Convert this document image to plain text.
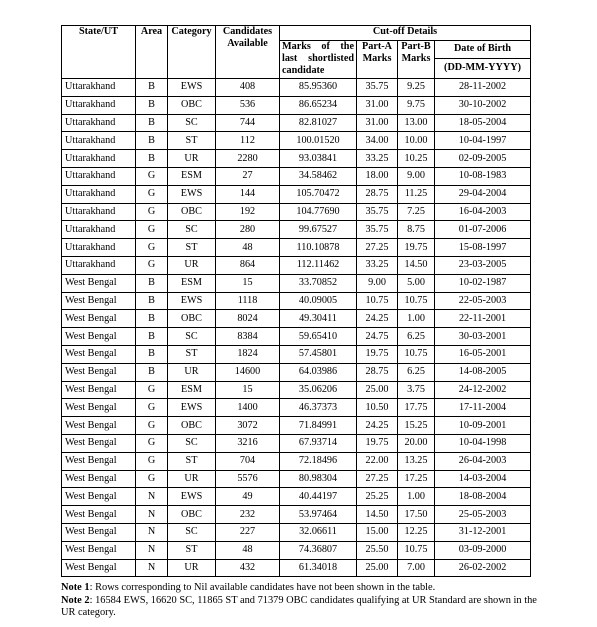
State/UT	Area	Category	Candidates Available	Cut-off Details			
				Marks of the last shortlisted candidate	Part-A Marks	Part-B Marks	Date of Birth
(DD-MM-YYYY)

Uttarakhand	B	EWS	408	85.95360	35.75	9.25	28-11-2002
Uttarakhand	B	OBC	536	86.65234	31.00	9.75	30-10-2002
Uttarakhand	B	SC	744	82.81027	31.00	13.00	18-05-2004
Uttarakhand	B	ST	112	100.01520	34.00	10.00	10-04-1997
Uttarakhand	B	UR	2280	93.03841	33.25	10.25	02-09-2005
Uttarakhand	G	ESM	27	34.58462	18.00	9.00	10-08-1983
Uttarakhand	G	EWS	144	105.70472	28.75	11.25	29-04-2004
Uttarakhand	G	OBC	192	104.77690	35.75	7.25	16-04-2003
Uttarakhand	G	SC	280	99.67527	35.75	8.75	01-07-2006
Uttarakhand	G	ST	48	110.10878	27.25	19.75	15-08-1997
Uttarakhand	G	UR	864	112.11462	33.25	14.50	23-03-2005
West Bengal	B	ESM	15	33.70852	9.00	5.00	10-02-1987
West Bengal	B	EWS	1118	40.09005	10.75	10.75	22-05-2003
West Bengal	B	OBC	8024	49.30411	24.25	1.00	22-11-2001
West Bengal	B	SC	8384	59.65410	24.75	6.25	30-03-2001
West Bengal	B	ST	1824	57.45801	19.75	10.75	16-05-2001
West Bengal	B	UR	14600	64.03986	28.75	6.25	14-08-2005
West Bengal	G	ESM	15	35.06206	25.00	3.75	24-12-2002
West Bengal	G	EWS	1400	46.37373	10.50	17.75	17-11-2004
West Bengal	G	OBC	3072	71.84991	24.25	15.25	10-09-2001
West Bengal	G	SC	3216	67.93714	19.75	20.00	10-04-1998
West Bengal	G	ST	704	72.18496	22.00	13.25	26-04-2003
West Bengal	G	UR	5576	80.98304	27.25	17.25	14-03-2004
West Bengal	N	EWS	49	40.44197	25.25	1.00	18-08-2004
West Bengal	N	OBC	232	53.97464	14.50	17.50	25-05-2003
West Bengal	N	SC	227	32.06611	15.00	12.25	31-12-2001
West Bengal	N	ST	48	74.36807	25.50	10.75	03-09-2000
West Bengal	N	UR	432	61.34018	25.00	7.00	26-02-2002
Note 1: Rows corresponding to Nil available candidates have not been shown in the table.
Note 2: 16584 EWS, 16620 SC, 11865 ST and 71379 OBC candidates qualifying at UR Standard are shown in the UR category.
